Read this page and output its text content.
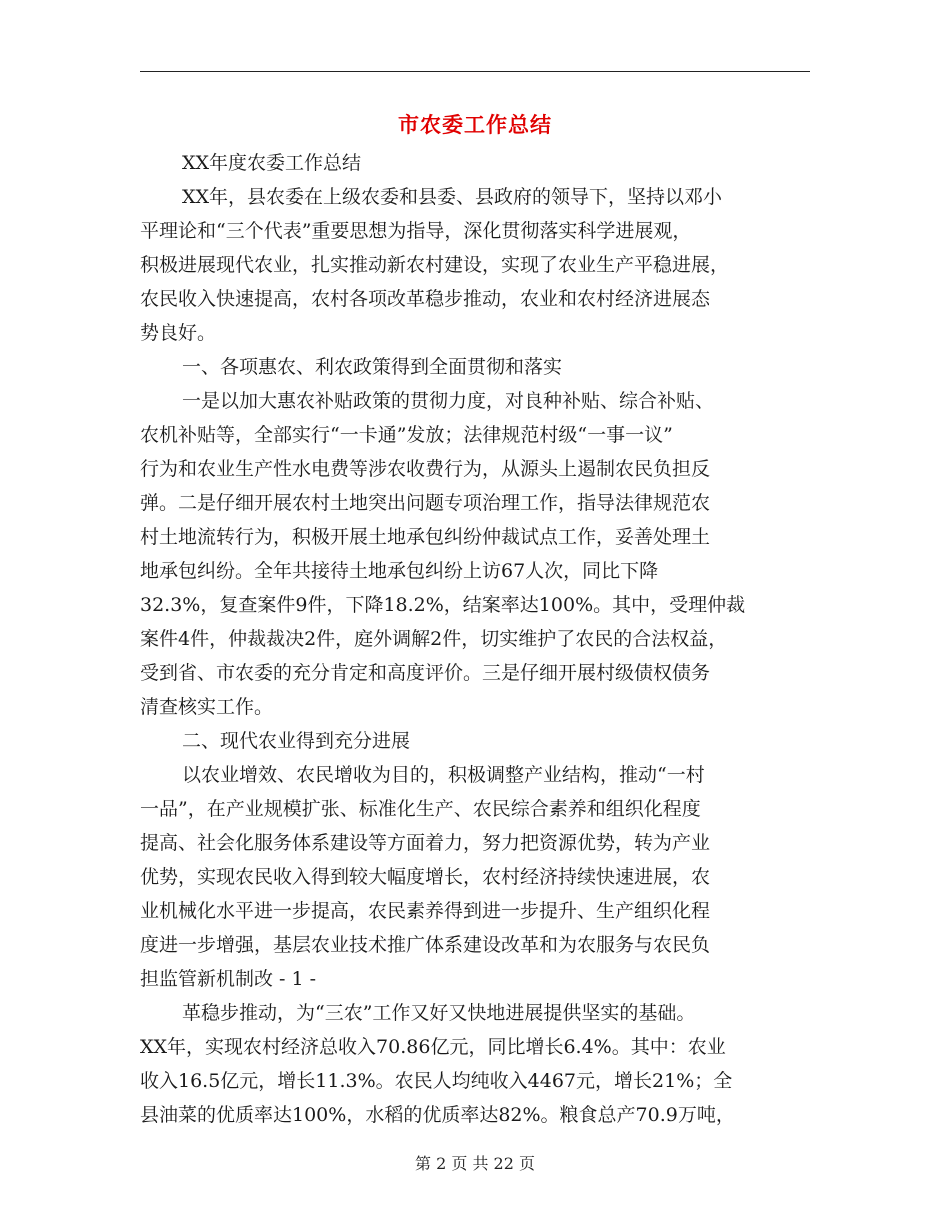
市农委工作总结
XX年度农委工作总结
XX年，县农委在上级农委和县委、县政府的领导下，坚持以邓小
平理论和“三个代表”重要思想为指导，深化贯彻落实科学进展观，
积极进展现代农业，扎实推动新农村建设，实现了农业生产平稳进展，
农民收入快速提高，农村各项改革稳步推动，农业和农村经济进展态
势良好。
一、各项惠农、利农政策得到全面贯彻和落实
一是以加大惠农补贴政策的贯彻力度，对良种补贴、综合补贴、
农机补贴等，全部实行“一卡通”发放；法律规范村级“一事一议”
行为和农业生产性水电费等涉农收费行为，从源头上遏制农民负担反
弹。二是仔细开展农村土地突出问题专项治理工作，指导法律规范农
村土地流转行为，积极开展土地承包纠纷仲裁试点工作，妥善处理土
地承包纠纷。全年共接待土地承包纠纷上访67人次，同比下降
32.3%，复查案件9件，下降18.2%，结案率达100%。其中，受理仲裁
案件4件，仲裁裁决2件，庭外调解2件，切实维护了农民的合法权益，
受到省、市农委的充分肯定和高度评价。三是仔细开展村级债权债务
清查核实工作。
二、现代农业得到充分进展
以农业增效、农民增收为目的，积极调整产业结构，推动“一村
一品”，在产业规模扩张、标准化生产、农民综合素养和组织化程度
提高、社会化服务体系建设等方面着力，努力把资源优势，转为产业
优势，实现农民收入得到较大幅度增长，农村经济持续快速进展，农
业机械化水平进一步提高，农民素养得到进一步提升、生产组织化程
度进一步增强，基层农业技术推广体系建设改革和为农服务与农民负
担监管新机制改 - 1 -
革稳步推动，为“三农”工作又好又快地进展提供坚实的基础。
XX年，实现农村经济总收入70.86亿元，同比增长6.4%。其中：农业
收入16.5亿元，增长11.3%。农民人均纯收入4467元，增长21%；全
县油菜的优质率达100%，水稻的优质率达82%。粮食总产70.9万吨，
第 2 页 共 22 页
